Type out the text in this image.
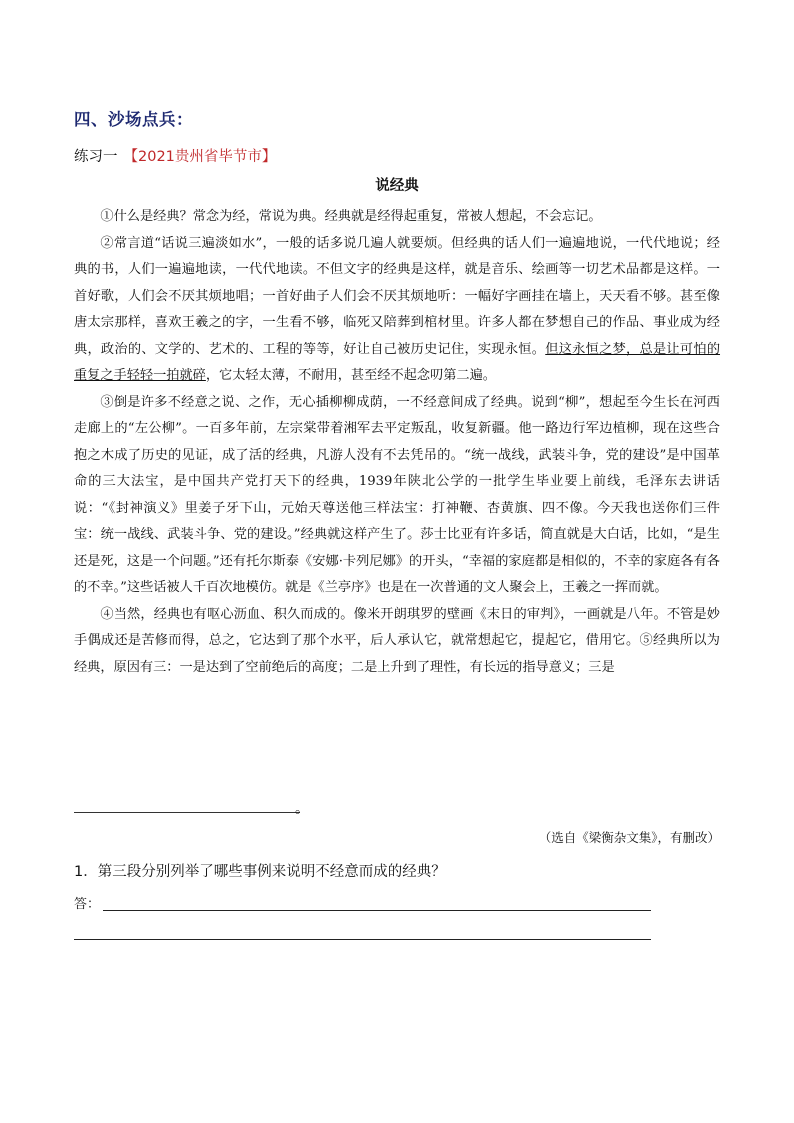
四、沙场点兵：
练习一 【2021贵州省毕节市】
说经典

①什么是经典？常念为经，常说为典。经典就是经得起重复，常被人想起，不会忘记。

②常言道“话说三遍淡如水”，一般的话多说几遍人就要烦。但经典的话人们一遍遍地说，一代代地说；经典的书，人们一遍遍地读，一代代地读。不但文字的经典是这样，就是音乐、绘画等一切艺术品都是这样。一首好歌，人们会不厌其烦地唱；一首好曲子人们会不厌其烦地听：一幅好字画挂在墙上，天天看不够。甚至像唐太宗那样，喜欢王羲之的字，一生看不够，临死又陪葬到棺材里。许多人都在梦想自己的作品、事业成为经典，政治的、文学的、艺术的、工程的等等，好让自己被历史记住，实现永恒。但这永恒之梦，总是让可怕的重复之手轻轻一拍就碎，它太轻太薄，不耐用，甚至经不起念叨第二遍。

③倒是许多不经意之说、之作，无心插柳柳成荫，一不经意间成了经典。说到“柳”，想起至今生长在河西走廊上的“左公柳”。一百多年前，左宗棠带着湘军去平定叛乱，收复新疆。他一路边行军边植柳，现在这些合抱之木成了历史的见证，成了活的经典，凡游人没有不去凭吊的。“统一战线，武装斗争，党的建设”是中国革命的三大法宝，是中国共产党打天下的经典，1939年陕北公学的一批学生毕业要上前线，毛泽东去讲话说：“《封神演义》里姜子牙下山，元始天尊送他三样法宝：打神鞭、杏黄旗、四不像。今天我也送你们三件宝：统一战线、武装斗争、党的建设。”经典就这样产生了。莎士比亚有许多话，简直就是大白话，比如，“是生还是死，这是一个问题。”还有托尔斯泰《安娜·卡列尼娜》的开头，“幸福的家庭都是相似的，不幸的家庭各有各的不幸。”这些话被人千百次地模仿。就是《兰亭序》也是在一次普通的文人聚会上，王羲之一挥而就。

④当然，经典也有呕心沥血、积久而成的。像米开朗琪罗的壁画《末日的审判》，一画就是八年。不管是妙手偶成还是苦修而得，总之，它达到了那个水平，后人承认它，就常想起它，提起它，借用它。⑤经典所以为经典，原因有三：一是达到了空前绝后的高度；二是上升到了理性，有长远的指导意义；三是

。
（选自《梁衡杂文集》，有删改）
1．第三段分别列举了哪些事例来说明不经意而成的经典？
答：
